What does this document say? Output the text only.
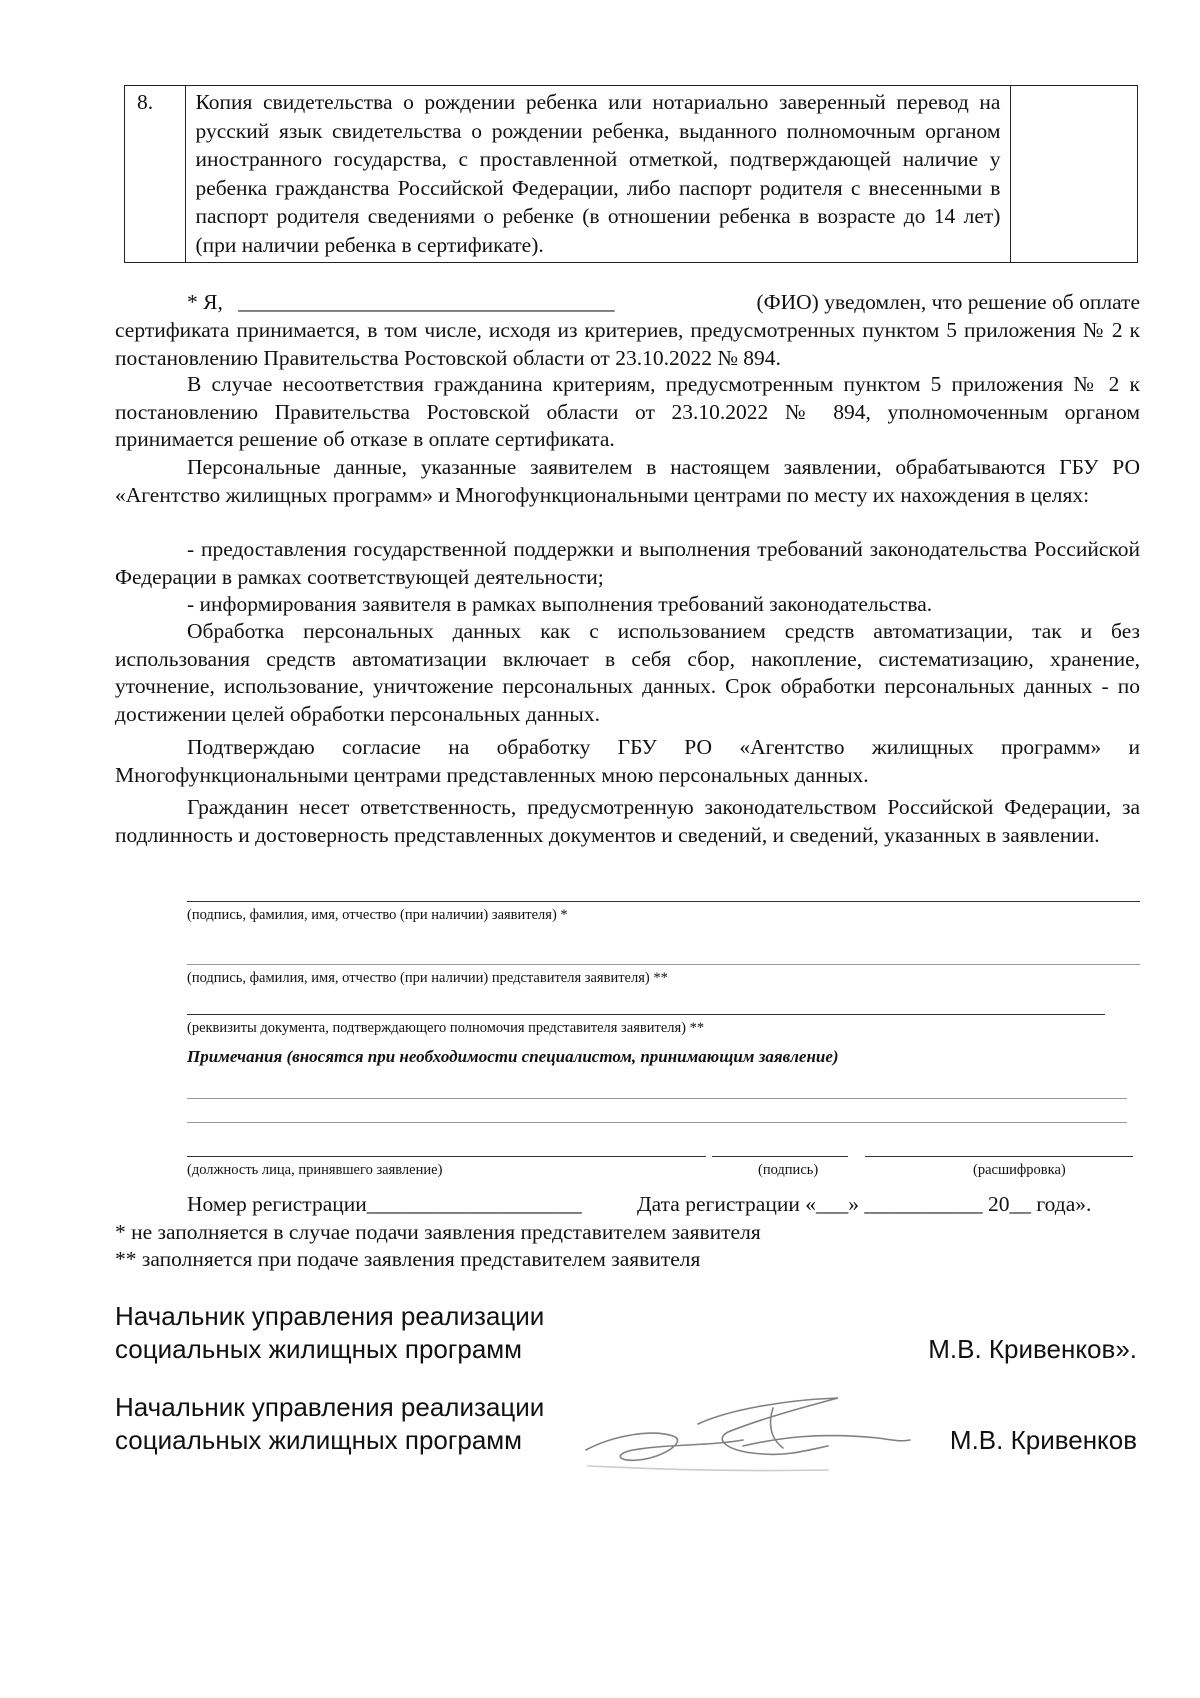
8.	Копия свидетельства о рождении ребенка или нотариально заверенный перевод на русский язык свидетельства о рождении ребенка, выданного полномочным органом иностранного государства, с проставленной отметкой, подтверждающей наличие у ребенка гражданства Российской Федерации, либо паспорт родителя с внесенными в паспорт родителя сведениями о ребенке (в отношении ребенка в возрасте до 14 лет) (при наличии ребенка в сертификате).	
* Я, ___________________________________	(ФИО) уведомлен, что решение об оплате

сертификата принимается, в том числе, исходя из критериев, предусмотренных пунктом 5 приложения № 2 к постановлению Правительства Ростовской области от 23.10.2022 № 894.

В случае несоответствия гражданина критериям, предусмотренным пунктом 5 приложения № 2 к постановлению Правительства Ростовской области от 23.10.2022 № 894, уполномоченным органом принимается решение об отказе в оплате сертификата.

Персональные данные, указанные заявителем в настоящем заявлении, обрабатываются ГБУ РО «Агентство жилищных программ» и Многофункциональными центрами по месту их нахождения в целях:

- предоставления государственной поддержки и выполнения требований законодательства Российской Федерации в рамках соответствующей деятельности;

- информирования заявителя в рамках выполнения требований законодательства.

Обработка персональных данных как с использованием средств автоматизации, так и без использования средств автоматизации включает в себя сбор, накопление, систематизацию, хранение, уточнение, использование, уничтожение персональных данных. Срок обработки персональных данных - по достижении целей обработки персональных данных.

Подтверждаю согласие на обработку ГБУ РО «Агентство жилищных программ» и Многофункциональными центрами представленных мною персональных данных.

Гражданин несет ответственность, предусмотренную законодательством Российской Федерации, за подлинность и достоверность представленных документов и сведений, и сведений, указанных в заявлении.

(подпись, фамилия, имя, отчество (при наличии) заявителя) *
(подпись, фамилия, имя, отчество (при наличии) представителя заявителя) **
(реквизиты документа, подтверждающего полномочия представителя заявителя) **
Примечания (вносятся при необходимости специалистом, принимающим заявление)
(должность лица, принявшего заявление)	(подпись)	(расшифровка)
Номер регистрации____________________	Дата регистрации «___» ___________ 20__ года».
* не заполняется в случае подачи заявления представителем заявителя
** заполняется при подаче заявления представителем заявителя
Начальник управления реализации
социальных жилищных программ	М.В. Кривенков».
Начальник управления реализации
социальных жилищных программ	М.В. Кривенков
